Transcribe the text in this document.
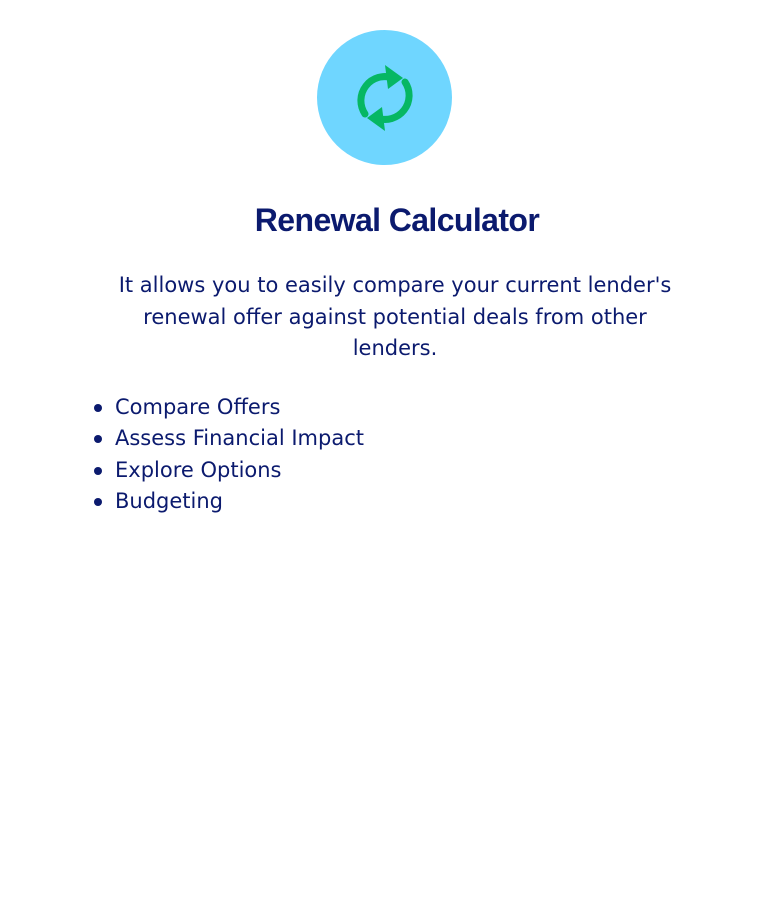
Renewal Calculator

It allows you to easily compare your current lender's renewal offer against potential deals from other lenders.

Compare Offers
Assess Financial Impact
Explore Options
Budgeting
